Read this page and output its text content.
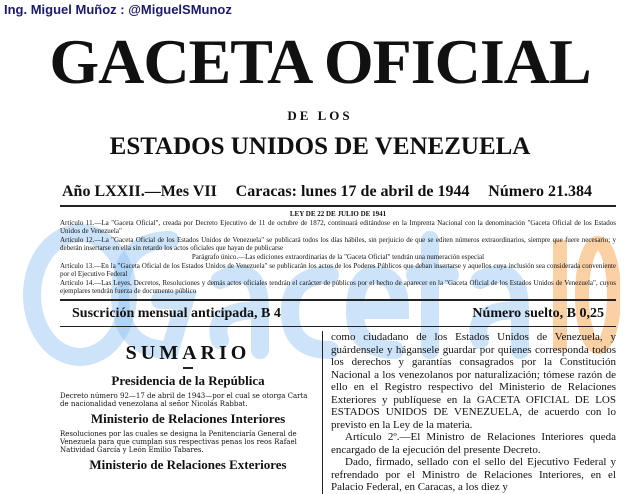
Ing. Miguel Muñoz : @MiguelSMunoz
GACETA OFICIAL
DE LOS
ESTADOS UNIDOS DE VENEZUELA
Año LXXII.—Mes VII Caracas: lunes 17 de abril de 1944 Número 21.384
LEY DE 22 DE JULIO DE 1941

Artículo 11.—La "Gaceta Oficial", creada por Decreto Ejecutivo de 11 de octubre de 1872, continuará editándose en la Imprenta Nacional con la denominación "Gaceta Oficial de los Estados Unidos de Venezuela"

Artículo 12.—La "Gaceta Oficial de los Estados Unidos de Venezuela" se publicará todos los días hábiles, sin perjuicio de que se editen números extraordinarios, siempre que fuere necesario; y deberán insertarse en ella sin retardo los actos oficiales que hayan de publicarse

Parágrafo único.—Las ediciones extraordinarias de la "Gaceta Oficial" tendrán una numeración especial

Artículo 13.—En la "Gaceta Oficial de los Estados Unidos de Venezuela" se publicarán los actos de los Poderes Públicos que deban insertarse y aquellos cuya inclusión sea considerada conveniente por el Ejecutivo Federal

Artículo 14.—Las Leyes, Decretos, Resoluciones y demás actos oficiales tendrán el carácter de públicos por el hecho de aparecer en la "Gaceta Oficial de los Estados Unidos de Venezuela", cuyos ejemplares tendrán fuerza de documento público

Suscrición mensual anticipada, B 4	Número suelto, B 0,25
SUMARIO
Presidencia de la República
Decreto número 92—17 de abril de 1943—por el cual se otorga Carta de nacionalidad venezolana al señor Nicolás Rabbat.
Ministerio de Relaciones Interiores
Resoluciones por las cuales se designa la Penitenciaría General de Venezuela para que cumplan sus respectivas penas los reos Rafael Natividad García y León Emilio Tabares.
Ministerio de Relaciones Exteriores

como ciudadano de los Estados Unidos de Venezuela, y guárdensele y hágansele guardar por quienes corresponda todos los derechos y garantías consagrados por la Constitución Nacional a los venezolanos por naturalización; tómese razón de ello en el Registro respectivo del Ministerio de Relaciones Exteriores y publíquese en la GACETA OFICIAL DE LOS ESTADOS UNIDOS DE VENEZUELA, de acuerdo con lo previsto en la Ley de la materia.

Artículo 2º.—El Ministro de Relaciones Interiores queda encargado de la ejecución del presente Decreto.

Dado, firmado, sellado con el sello del Ejecutivo Federal y refrendado por el Ministro de Relaciones Interiores, en el Palacio Federal, en Caracas, a los diez y
